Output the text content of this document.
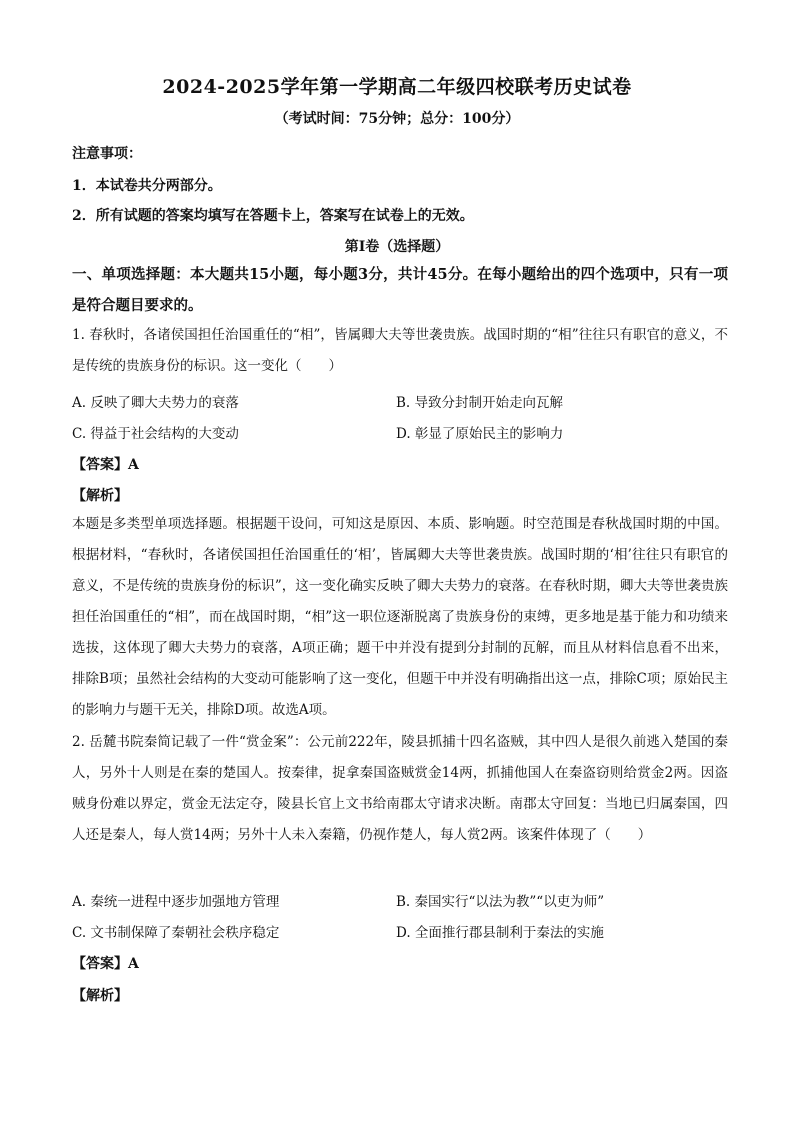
2024-2025学年第一学期高二年级四校联考历史试卷
（考试时间：75分钟；总分：100分）
注意事项：
1．本试卷共分两部分。
2．所有试题的答案均填写在答题卡上，答案写在试卷上的无效。
第Ⅰ卷（选择题）
一、单项选择题：本大题共15小题，每小题3分，共计45分。在每小题给出的四个选项中，只有一项是符合题目要求的。
1. 春秋时，各诸侯国担任治国重任的“相”，皆属卿大夫等世袭贵族。战国时期的“相”往往只有职官的意义，不是传统的贵族身份的标识。这一变化（　　）
A. 反映了卿大夫势力的衰落	B. 导致分封制开始走向瓦解
C. 得益于社会结构的大变动	D. 彰显了原始民主的影响力
【答案】A
【解析】
本题是多类型单项选择题。根据题干设问，可知这是原因、本质、影响题。时空范围是春秋战国时期的中国。根据材料，“春秋时，各诸侯国担任治国重任的‘相’，皆属卿大夫等世袭贵族。战国时期的‘相’往往只有职官的意义，不是传统的贵族身份的标识”，这一变化确实反映了卿大夫势力的衰落。在春秋时期，卿大夫等世袭贵族担任治国重任的“相”，而在战国时期，“相”这一职位逐渐脱离了贵族身份的束缚，更多地是基于能力和功绩来选拔，这体现了卿大夫势力的衰落，A项正确；题干中并没有提到分封制的瓦解，而且从材料信息看不出来，排除B项；虽然社会结构的大变动可能影响了这一变化，但题干中并没有明确指出这一点，排除C项；原始民主的影响力与题干无关，排除D项。故选A项。
2. 岳麓书院秦简记载了一件“赏金案”：公元前222年，陵县抓捕十四名盗贼，其中四人是很久前逃入楚国的秦人，另外十人则是在秦的楚国人。按秦律，捉拿秦国盗贼赏金14两，抓捕他国人在秦盗窃则给赏金2两。因盗贼身份难以界定，赏金无法定夺，陵县长官上文书给南郡太守请求决断。南郡太守回复：当地已归属秦国，四人还是秦人，每人赏14两；另外十人未入秦籍，仍视作楚人，每人赏2两。该案件体现了（　　）
A. 秦统一进程中逐步加强地方管理	B. 秦国实行“以法为教”“以吏为师”
C. 文书制保障了秦朝社会秩序稳定	D. 全面推行郡县制利于秦法的实施
【答案】A
【解析】
